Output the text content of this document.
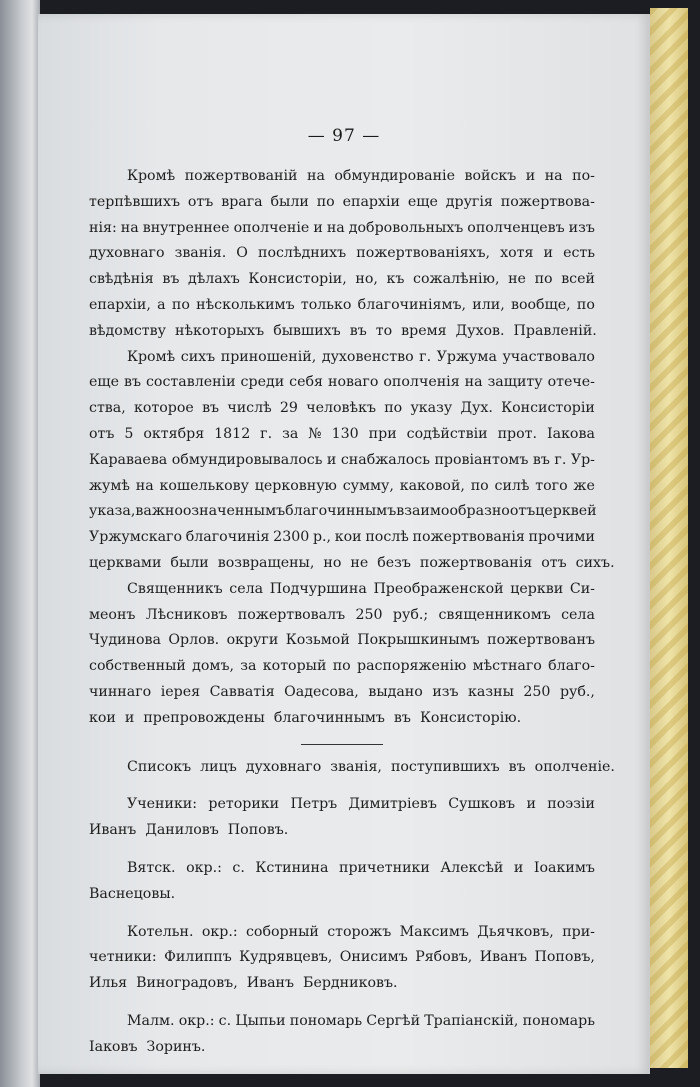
— 97 —
Кромѣ пожертвованiй на обмундированiе войскъ и на по-
терпѣвшихъ отъ врага были по епархiи еще другiя пожертвова-
нiя: на внутреннее ополченiе и на добровольныхъ ополченцевъ изъ
духовнаго званiя. О послѣднихъ пожертвованiяхъ, хотя и есть
свѣдѣнiя въ дѣлахъ Консисторiи, но, къ сожалѣнiю, не по всей
епархiи, а по нѣсколькимъ только благочинiямъ, или, вообще, по
вѣдомству нѣкоторыхъ бывшихъ въ то время Духов. Правленiй.
Кромѣ сихъ приношенiй, духовенство г. Уржума участвовало
еще въ составленiи среди себя новаго ополченiя на защиту отече-
ства, которое въ числѣ 29 человѣкъ по указу Дух. Консисторiи
отъ 5 октября 1812 г. за № 130 при содѣйствiи прот. Iакова
Каравaeва обмундировывалось и снабжалось провiантомъ въ г. Ур-
жумѣ на кошелькову церковную сумму, каковой, по силѣ того же
указа, важно означеннымъ благочиннымъ взаимообразно отъ церквей
Уржумскаго благочинiя 2300 р., кои послѣ пожертвованiя прочими
церквами были возвращены, но не безъ пожертвованiя отъ сихъ.
Священникъ села Подчуршина Преображенской церкви Си-
меонъ Лѣсниковъ пожертвовалъ 250 руб.; священникомъ села
Чудинова Орлов. округи Козьмой Покрышкинымъ пожертвованъ
собственный домъ, за который по распоряженiю мѣстнаго благо-
чиннаго iерея Савватiя Оадесова, выдано изъ казны 250 руб.,
кои и препровождены благочиннымъ въ Консисторiю.
Списокъ лицъ духовнаго званiя, поступившихъ въ ополченiе.
Ученики: реторики Петръ Димитрiевъ Сушковъ и поэзiи
Иванъ Даниловъ Поповъ.
Вятск. окр.: с. Кстинина причетники Алексѣй и Iоакимъ
Васнецовы.
Котельн. окр.: соборный сторожъ Максимъ Дьячковъ, при-
четники: Филиппъ Кудрявцевъ, Онисимъ Рябовъ, Иванъ Поповъ,
Илья Виноградовъ, Иванъ Бердниковъ.
Малм. окр.: с. Цыпьи пономарь Сергѣй Трапiанскiй, пономарь
Iаковъ Зоринъ.
